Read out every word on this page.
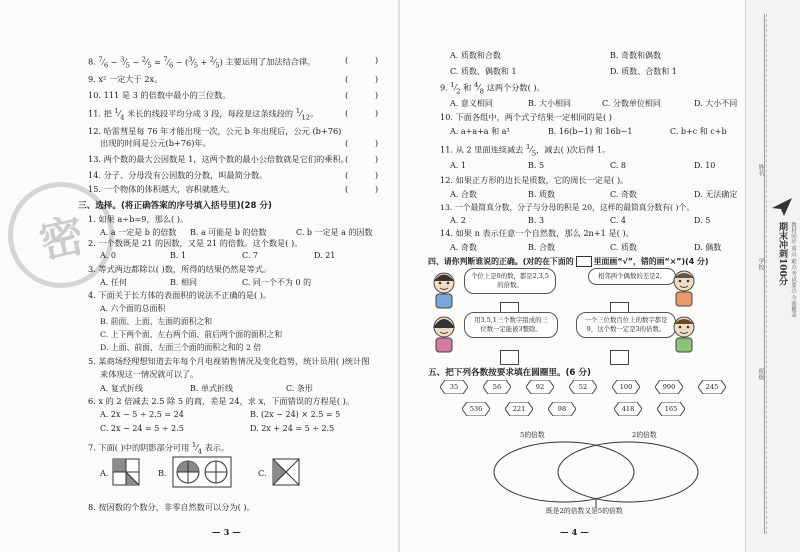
密
8. $^7⁄_6$ − $^3⁄_5$ − $^2⁄_5$ = $^7⁄_6$ − ($^3⁄_5$ + $^2⁄_5$) 主要运用了加法结合律。	(          )
9. x² 一定大于 2x。	(          )
10. 111 是 3 的倍数中最小的三位数。	(          )
11. 把 $^1⁄_4$ 米长的线段平均分成 3 段，每段是这条线段的 $^1⁄_{12}$。	(          )
12. 哈雷彗星每 76 年才能出现一次，公元 b 年出现后，公元 (b+76)
出现的时间是公元(b+76)年。	(          )
13. 两个数的最大公因数是 1，这两个数的最小公倍数就是它们的乘积。
(          )
14. 分子、分母没有公因数的分数，叫最简分数。	(          )
15. 一个物体的体积越大，容积就越大。	(          )
三、选择。(将正确答案的序号填入括号里)(28 分)
1. 如果 a÷b=9，那么( )。
A. a 一定是 b 的倍数 B. a 可能是 b 的倍数	C. b 一定是 a 的因数
2. 一个数既是 21 的因数，又是 21 的倍数。这个数是( )。
A. 0	B. 1	C. 7	D. 21
3. 等式两边都除以( )数，所得的结果仍然是等式。
A. 任何	B. 相同	C. 同一个不为 0 的
4. 下面关于长方体的表面积的说法不正确的是( )。
A. 六个面的总面积
B. 前面、上面、左面的面积之和
C. 上下两个面、左右两个面、前后两个面的面积之和
D. 上面、前面、左面三个面的面积之和的 2 倍
5. 某商场经理想知道去年每个月电视销售情况及变化趋势，统计员用( )统计图
来体现这一情况就可以了。
A. 复式折线	B. 单式折线	C. 条形
6. x 的 2 倍减去 2.5 除 5 的商，差是 24，求 x，下面错误的方程是( )。
A. 2x − 5 ÷ 2.5 = 24	B. (2x − 24) × 2.5 = 5
C. 2x − 24 = 5 ÷ 2.5	D. 2x + 24 = 5 ÷ 2.5
7. 下面( )中的阴影部分可用 $^1⁄_4$ 表示。
A.	B.	C.
8. 按因数的个数分，非零自然数可以分为( )。
— 3 —
A. 质数和合数	B. 奇数和偶数
C. 质数、偶数和 1	D. 质数、合数和 1
9. $^1⁄_2$ 和 $^4⁄_8$ 这两个分数( )。
A. 意义相同	B. 大小相同	C. 分数单位相同	D. 大小不同
10. 下面各组中，两个式子结果一定相同的是( )
A. a+a+a 和 a³	B. 16(b−1) 和 16b−1	C. b+c 和 c+b
11. 从 2 里面连续减去 $^1⁄_5$，减去( )次后得 1。
A. 1	B. 5	C. 8	D. 10
12. 如果正方形的边长是质数，它的周长一定是( )。
A. 合数	B. 质数	C. 奇数	D. 无法确定
13. 一个最简真分数，分子与分母的积是 20，这样的最简真分数有( )个。
A. 2	B. 3	C. 4	D. 5
14. 如果 n 表示任意一个自然数，那么 2n+1 是( )。
A. 奇数	B. 合数	C. 质数	D. 偶数
四、请你判断谁说的正确。(对的在下面的	里面画“√”，错的画“×”)(4 分)
个位上是0的数，都是2,3,5的倍数。
相邻两个偶数的差是2。
用3,5,1三个数字组成的三位数一定能被3整除。
一个三位数百位上的数字都是9，这个数一定是3的倍数。
五、把下列各数按要求填在圆圈里。(6 分)
35	56	92	52	100	990	245
536	221	98	418	165
5的倍数	2的倍数
既是2的倍数又是5的倍数
— 4 —
姓名
学校
班级
期末冲刺100分 教材同步 重点 难点 考试要点 全面覆盖
